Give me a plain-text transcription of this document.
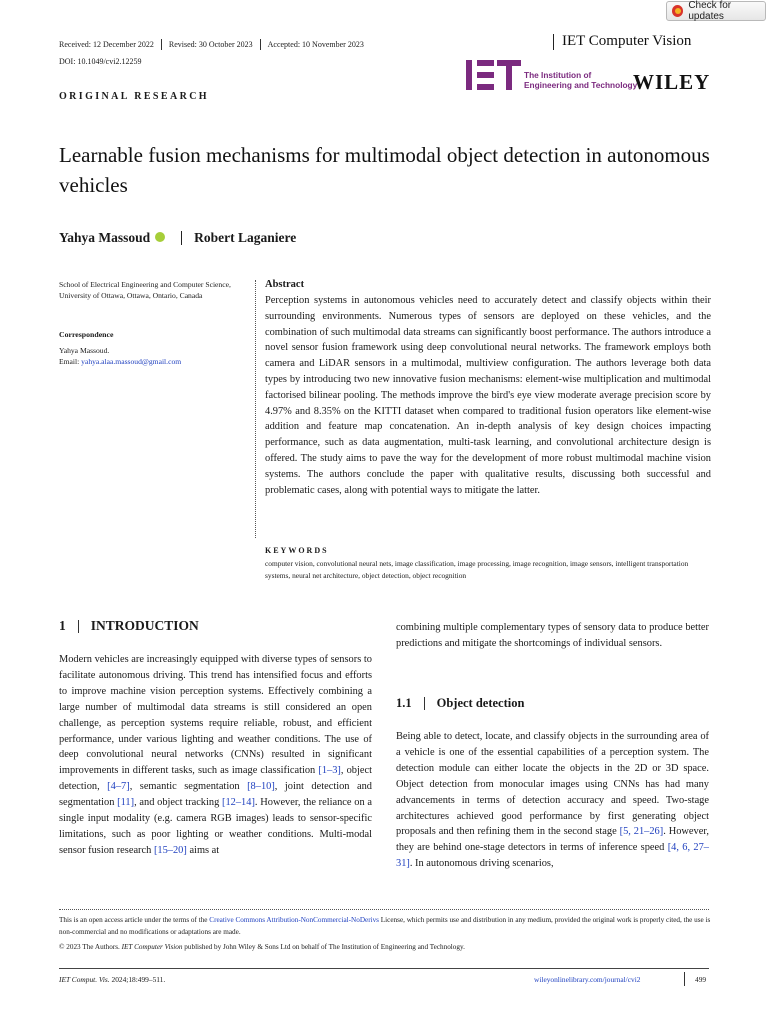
Check for updates
Received: 12 December 2022 Revised: 30 October 2023 Accepted: 10 November 2023	IET Computer Vision
DOI: 10.1049/cvi2.12259
The Institution of
Engineering and Technology
WILEY
ORIGINAL RESEARCH
Learnable fusion mechanisms for multimodal object detection in autonomous vehicles
Yahya Massoud	Robert Laganiere
School of Electrical Engineering and Computer Science, University of Ottawa, Ottawa, Ontario, Canada
Correspondence
Yahya Massoud.
Email: yahya.alaa.massoud@gmail.com
Abstract
Perception systems in autonomous vehicles need to accurately detect and classify objects within their surrounding environments. Numerous types of sensors are deployed on these vehicles, and the combination of such multimodal data streams can significantly boost performance. The authors introduce a novel sensor fusion framework using deep convolutional neural networks. The framework employs both camera and LiDAR sensors in a multimodal, multiview configuration. The authors leverage both data types by introducing two new innovative fusion mechanisms: element-wise multiplication and multimodal factorised bilinear pooling. The methods improve the bird's eye view moderate average precision score by 4.97% and 8.35% on the KITTI dataset when compared to traditional fusion operators like element-wise addition and feature map concatenation. An in-depth analysis of key design choices impacting performance, such as data augmentation, multi-task learning, and convolutional architecture design is offered. The study aims to pave the way for the development of more robust multimodal machine vision systems. The authors conclude the paper with qualitative results, discussing both successful and problematic cases, along with potential ways to mitigate the latter.
KEYWORDS
computer vision, convolutional neural nets, image classification, image processing, image recognition, image sensors, intelligent transportation systems, neural net architecture, object detection, object recognition
1 INTRODUCTION
Modern vehicles are increasingly equipped with diverse types of sensors to facilitate autonomous driving. This trend has intensified focus and efforts to improve machine vision perception systems. Effectively combining a large number of multimodal data streams is still considered an open challenge, as perception systems require reliable, robust, and efficient performance, under various lighting and weather conditions. The use of deep convolutional neural networks (CNNs) resulted in significant improvements in different tasks, such as image classification [1–3], object detection, [4–7], semantic segmentation [8–10], joint detection and segmentation [11], and object tracking [12–14]. However, the reliance on a single input modality (e.g. camera RGB images) leads to sensor-specific limitations, such as poor lighting or weather conditions. Multi-modal sensor fusion research [15–20] aims at
combining multiple complementary types of sensory data to produce better predictions and mitigate the shortcomings of individual sensors.
1.1 Object detection
Being able to detect, locate, and classify objects in the surrounding area of a vehicle is one of the essential capabilities of a perception system. The detection module can either locate the objects in the 2D or 3D space. Object detection from monocular images using CNNs has had many advancements in terms of detection accuracy and speed. Two-stage architectures achieved good performance by first generating object proposals and then refining them in the second stage [5, 21–26]. However, they are behind one-stage detectors in terms of inference speed [4, 6, 27–31]. In autonomous driving scenarios,
This is an open access article under the terms of the Creative Commons Attribution-NonCommercial-NoDerivs License, which permits use and distribution in any medium, provided the original work is properly cited, the use is non-commercial and no modifications or adaptations are made.
© 2023 The Authors. IET Computer Vision published by John Wiley & Sons Ltd on behalf of The Institution of Engineering and Technology.
IET Comput. Vis. 2024;18:499–511.	wileyonlinelibrary.com/journal/cvi2	499
